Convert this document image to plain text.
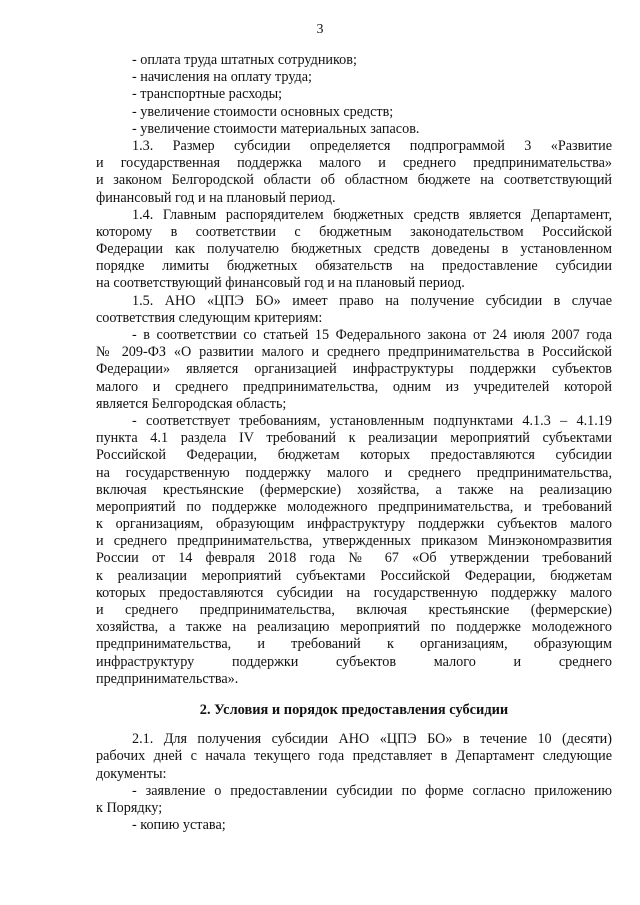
3
- оплата труда штатных сотрудников;
- начисления на оплату труда;
- транспортные расходы;
- увеличение стоимости основных средств;
- увеличение стоимости материальных запасов.
1.3. Размер субсидии определяется подпрограммой 3 «Развитие
и государственная поддержка малого и среднего предпринимательства»
и законом Белгородской области об областном бюджете на соответствующий
финансовый год и на плановый период.
1.4. Главным распорядителем бюджетных средств является Департамент,
которому в соответствии с бюджетным законодательством Российской
Федерации как получателю бюджетных средств доведены в установленном
порядке лимиты бюджетных обязательств на предоставление субсидии
на соответствующий финансовый год и на плановый период.
1.5. АНО «ЦПЭ БО» имеет право на получение субсидии в случае
соответствия следующим критериям:
- в соответствии со статьей 15 Федерального закона от 24 июля 2007 года
№ 209-ФЗ «О развитии малого и среднего предпринимательства в Российской
Федерации» является организацией инфраструктуры поддержки субъектов
малого и среднего предпринимательства, одним из учредителей которой
является Белгородская область;
- соответствует требованиям, установленным подпунктами 4.1.3 – 4.1.19
пункта 4.1 раздела IV требований к реализации мероприятий субъектами
Российской Федерации, бюджетам которых предоставляются субсидии
на государственную поддержку малого и среднего предпринимательства,
включая крестьянские (фермерские) хозяйства, а также на реализацию
мероприятий по поддержке молодежного предпринимательства, и требований
к организациям, образующим инфраструктуру поддержки субъектов малого
и среднего предпринимательства, утвержденных приказом Минэкономразвития
России от 14 февраля 2018 года № 67 «Об утверждении требований
к реализации мероприятий субъектами Российской Федерации, бюджетам
которых предоставляются субсидии на государственную поддержку малого
и среднего предпринимательства, включая крестьянские (фермерские)
хозяйства, а также на реализацию мероприятий по поддержке молодежного
предпринимательства, и требований к организациям, образующим
инфраструктуру поддержки субъектов малого и среднего
предпринимательства».
2. Условия и порядок предоставления субсидии
2.1. Для получения субсидии АНО «ЦПЭ БО» в течение 10 (десяти)
рабочих дней с начала текущего года представляет в Департамент следующие
документы:
- заявление о предоставлении субсидии по форме согласно приложению
к Порядку;
- копию устава;
